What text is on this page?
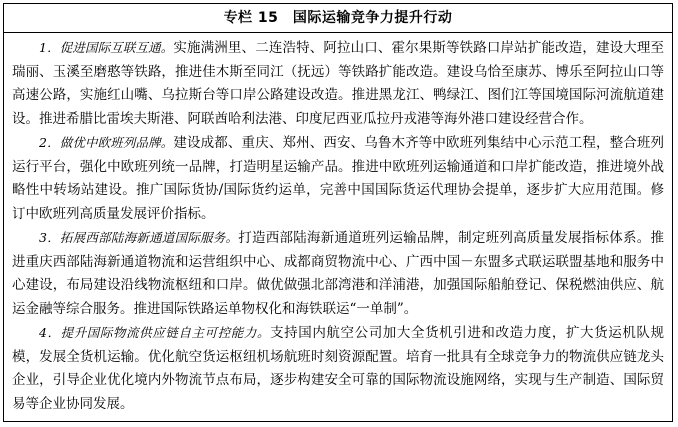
专栏 15　国际运输竞争力提升行动

1．促进国际互联互通。实施满洲里、二连浩特、阿拉山口、霍尔果斯等铁路口岸站扩能改造，建设大理至瑞丽、玉溪至磨憨等铁路，推进佳木斯至同江（抚远）等铁路扩能改造。建设乌恰至康苏、博乐至阿拉山口等高速公路，实施红山嘴、乌拉斯台等口岸公路建设改造。推进黑龙江、鸭绿江、图们江等国境国际河流航道建设。推进希腊比雷埃夫斯港、阿联酋哈利法港、印度尼西亚瓜拉丹戎港等海外港口建设经营合作。

2．做优中欧班列品牌。建设成都、重庆、郑州、西安、乌鲁木齐等中欧班列集结中心示范工程，整合班列运行平台，强化中欧班列统一品牌，打造明星运输产品。推进中欧班列运输通道和口岸扩能改造，推进境外战略性中转场站建设。推广国际货协/国际货约运单，完善中国国际货运代理协会提单，逐步扩大应用范围。修订中欧班列高质量发展评价指标。

3．拓展西部陆海新通道国际服务。打造西部陆海新通道班列运输品牌，制定班列高质量发展指标体系。推进重庆西部陆海新通道物流和运营组织中心、成都商贸物流中心、广西中国－东盟多式联运联盟基地和服务中心建设，布局建设沿线物流枢纽和口岸。做优做强北部湾港和洋浦港，加强国际船舶登记、保税燃油供应、航运金融等综合服务。推进国际铁路运单物权化和海铁联运“一单制”。

4．提升国际物流供应链自主可控能力。支持国内航空公司加大全货机引进和改造力度，扩大货运机队规模，发展全货机运输。优化航空货运枢纽机场航班时刻资源配置。培育一批具有全球竞争力的物流供应链龙头企业，引导企业优化境内外物流节点布局，逐步构建安全可靠的国际物流设施网络，实现与生产制造、国际贸易等企业协同发展。
